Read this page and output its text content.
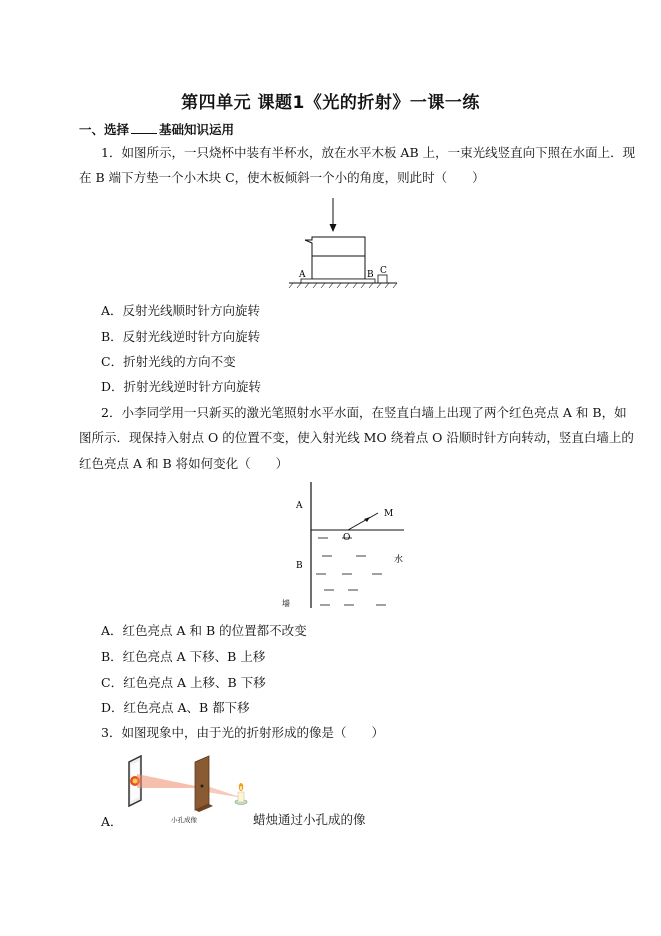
第四单元 课题1《光的折射》一课一练
一、选择 基础知识运用
1．如图所示，一只烧杯中装有半杯水，放在水平木板 AB 上，一束光线竖直向下照在水面上．现
在 B 端下方垫一个小木块 C，使木板倾斜一个小的角度，则此时（　　）
A	B C
A．反射光线顺时针方向旋转
B．反射光线逆时针方向旋转
C．折射光线的方向不变
D．折射光线逆时针方向旋转
2．小李同学用一只新买的激光笔照射水平水面，在竖直白墙上出现了两个红色亮点 A 和 B，如
图所示．现保持入射点 O 的位置不变，使入射光线 MO 绕着点 O 沿顺时针方向转动，竖直白墙上的
红色亮点 A 和 B 将如何变化（　　）
A
B
M
O
水
墙
A．红色亮点 A 和 B 的位置都不改变
B．红色亮点 A 下移、B 上移
C．红色亮点 A 上移、B 下移
D．红色亮点 A、B 都下移
3．如图现象中，由于光的折射形成的像是（　　）
小孔成像
A．	蜡烛通过小孔成的像
